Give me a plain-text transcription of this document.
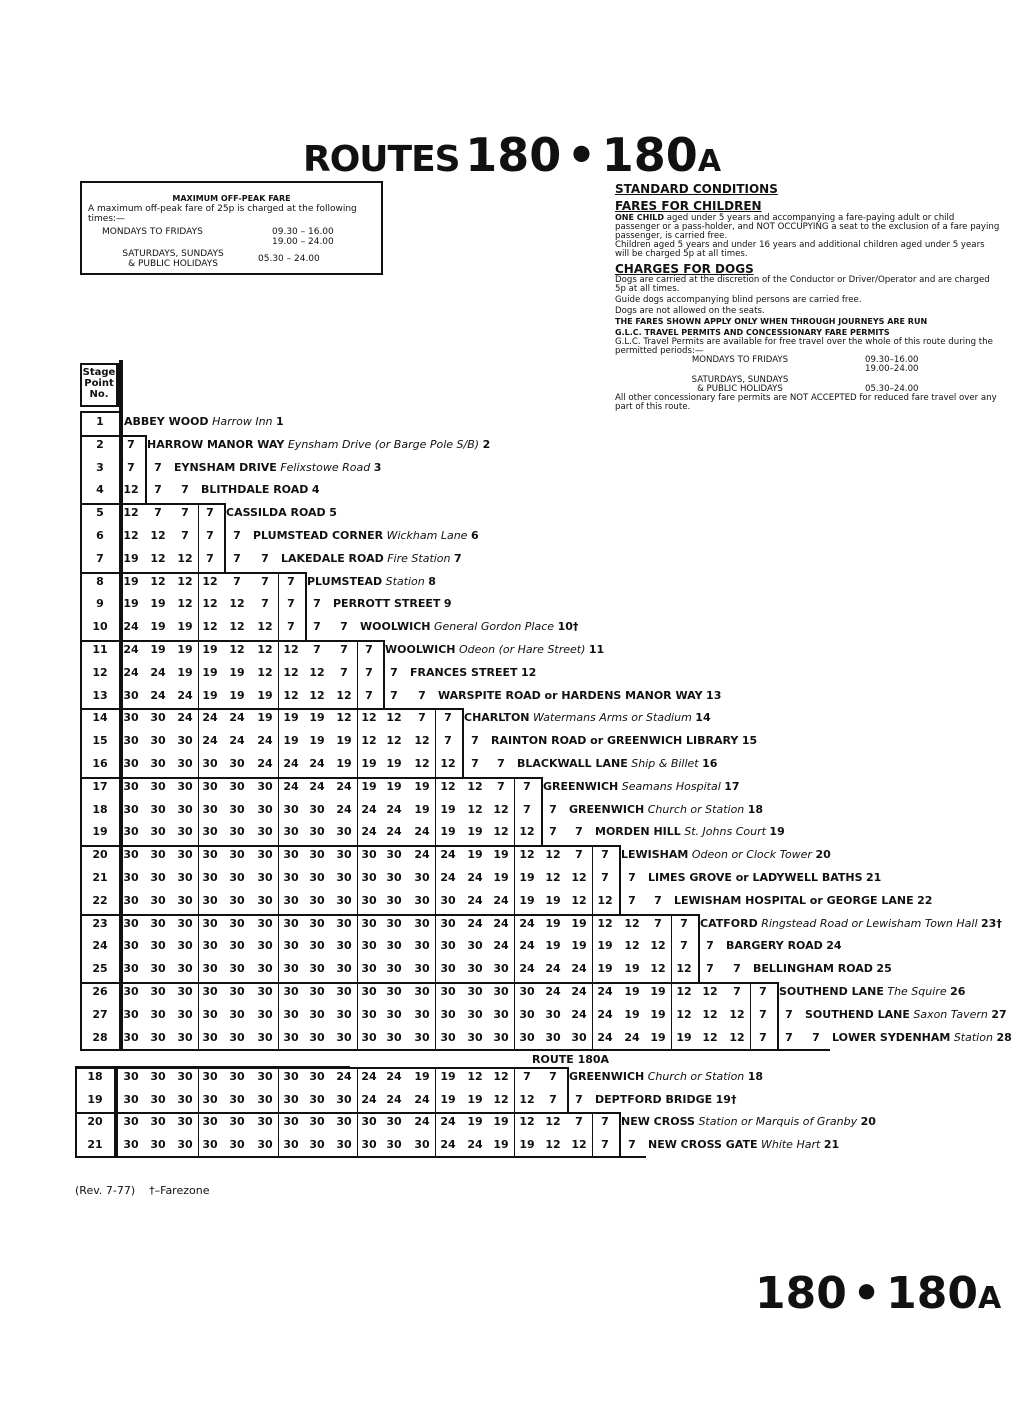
ROUTES 180 • 180A
MAXIMUM OFF-PEAK FARE
A maximum off-peak fare of 25p is charged at the following times:—
MONDAYS TO FRIDAYS	09.30 – 16.00
19.00 – 24.00
SATURDAYS, SUNDAYS
& PUBLIC HOLIDAYS	05.30 – 24.00
STANDARD CONDITIONS
FARES FOR CHILDREN
ONE CHILD aged under 5 years and accompanying a fare-paying adult or child passenger or a pass-holder, and NOT OCCUPYING a seat to the exclusion of a fare paying passenger, is carried free.
Children aged 5 years and under 16 years and additional children aged under 5 years will be charged 5p at all times.
CHARGES FOR DOGS
Dogs are carried at the discretion of the Conductor or Driver/Operator and are charged 5p at all times.
Guide dogs accompanying blind persons are carried free.
Dogs are not allowed on the seats.
THE FARES SHOWN APPLY ONLY WHEN THROUGH JOURNEYS ARE RUN
G.L.C. TRAVEL PERMITS AND CONCESSIONARY FARE PERMITS
G.L.C. Travel Permits are available for free travel over the whole of this route during the permitted periods:—
MONDAYS TO FRIDAYS	09.30–16.00
19.00–24.00
SATURDAYS, SUNDAYS
& PUBLIC HOLIDAYS	05.30–24.00
All other concessionary fare permits are NOT ACCEPTED for reduced fare travel over any part of this route.
Stage
Point
No.
1	ABBEY WOOD Harrow Inn 1
2	7	HARROW MANOR WAY Eynsham Drive (or Barge Pole S/B) 2
3	7	7	EYNSHAM DRIVE Felixstowe Road 3
4	12	7	7	BLITHDALE ROAD 4
5	12	7	7	7	CASSILDA ROAD 5
6	12 12	7	7	7	PLUMSTEAD CORNER Wickham Lane 6
7	19 12 12	7	7	7	LAKEDALE ROAD Fire Station 7
8	19 12 12 12	7	7	7	PLUMSTEAD Station 8
9	19 19 12 12 12	7	7	7	PERROTT STREET 9
10	24 19 19 12 12 12	7	7	7	WOOLWICH General Gordon Place 10†
11	24 19 19 19 12 12 12	7	7	7	WOOLWICH Odeon (or Hare Street) 11
12	24 24 19 19 19 12 12 12	7	7	7	FRANCES STREET 12
13	30 24 24 19 19 19 12 12 12	7	7	7	WARSPITE ROAD or HARDENS MANOR WAY 13
14	30 30 24 24 24 19 19 19 12 12 12	7	7	CHARLTON Watermans Arms or Stadium 14
15	30 30 30 24 24 24 19 19 19 12 12 12	7	7	RAINTON ROAD or GREENWICH LIBRARY 15
16	30 30 30 30 30 24 24 24 19 19 19 12 12	7	7	BLACKWALL LANE Ship & Billet 16
17	30 30 30 30 30 30 24 24 24 19 19 19 12 12	7	7	GREENWICH Seamans Hospital 17
18	30 30 30 30 30 30 30 30 24 24 24 19 19 12 12	7	7	GREENWICH Church or Station 18
19	30 30 30 30 30 30 30 30 30 24 24 24 19 19 12 12	7	7	MORDEN HILL St. Johns Court 19
20	30 30 30 30 30 30 30 30 30 30 30 24 24 19 19 12 12	7	7	LEWISHAM Odeon or Clock Tower 20
21	30 30 30 30 30 30 30 30 30 30 30 30 24 24 19 19 12 12	7	7	LIMES GROVE or LADYWELL BATHS 21
22	30 30 30 30 30 30 30 30 30 30 30 30 30 24 24 19 19 12 12	7	7	LEWISHAM HOSPITAL or GEORGE LANE 22
23	30 30 30 30 30 30 30 30 30 30 30 30 30 24 24 24 19 19 12 12	7	7	CATFORD Ringstead Road or Lewisham Town Hall 23†
24	30 30 30 30 30 30 30 30 30 30 30 30 30 30 24 24 19 19 19 12 12	7	7	BARGERY ROAD 24
25	30 30 30 30 30 30 30 30 30 30 30 30 30 30 30 24 24 24 19 19 12 12	7	7	BELLINGHAM ROAD 25
26	30 30 30 30 30 30 30 30 30 30 30 30 30 30 30 30 24 24 24 19 19 12 12	7	7	SOUTHEND LANE The Squire 26
27	30 30 30 30 30 30 30 30 30 30 30 30 30 30 30 30 30 24 24 19 19 12 12 12	7	7	SOUTHEND LANE Saxon Tavern 27
28	30 30 30 30 30 30 30 30 30 30 30 30 30 30 30 30 30 30 24 24 19 19 12 12	7	7	7	LOWER SYDENHAM Station 28
18	30 30 30 30 30 30 30 30 24 24 24 19 19 12 12	7	7	GREENWICH Church or Station 18
19	30 30 30 30 30 30 30 30 30 24 24 24 19 19 12 12	7	7	DEPTFORD BRIDGE 19†
20	30 30 30 30 30 30 30 30 30 30 30 24 24 19 19 12 12	7	7	NEW CROSS Station or Marquis of Granby 20
21	30 30 30 30 30 30 30 30 30 30 30 30 24 24 19 19 12 12	7	7	NEW CROSS GATE White Hart 21
ROUTE 180A
(Rev. 7-77) †–Farezone
180 • 180A
